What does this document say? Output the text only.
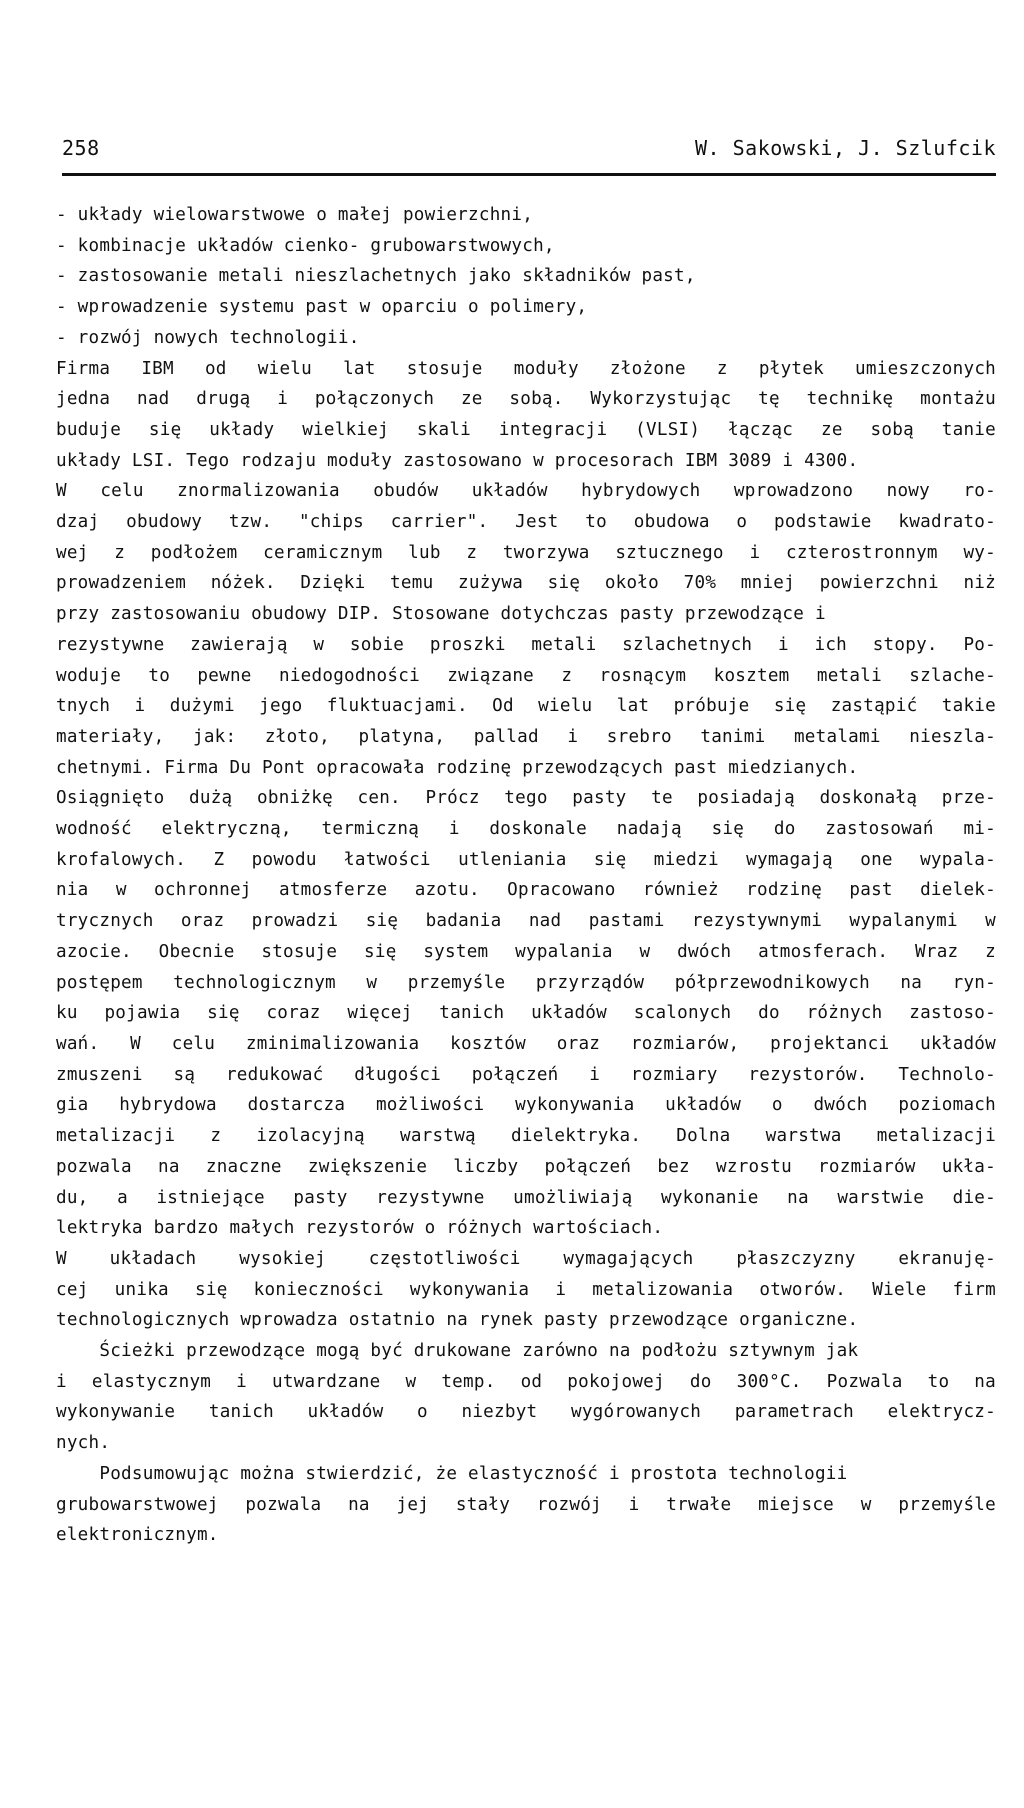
258	W. Sakowski, J. Szlufcik
- układy wielowarstwowe o małej powierzchni,
- kombinacje układów cienko- grubowarstwowych,
- zastosowanie metali nieszlachetnych jako składników past,
- wprowadzenie systemu past w oparciu o polimery,
- rozwój nowych technologii.
Firma IBM od wielu lat stosuje moduły złożone z płytek umieszczonych
jedna nad drugą i połączonych ze sobą. Wykorzystując tę technikę montażu
buduje się układy wielkiej skali integracji (VLSI) łącząc ze sobą tanie
układy LSI. Tego rodzaju moduły zastosowano w procesorach IBM 3089 i 4300.
W celu znormalizowania obudów układów hybrydowych wprowadzono nowy ro-
dzaj obudowy tzw. "chips carrier". Jest to obudowa o podstawie kwadrato-
wej z podłożem ceramicznym lub z tworzywa sztucznego i czterostronnym wy-
prowadzeniem nóżek. Dzięki temu zużywa się około 70% mniej powierzchni niż
przy zastosowaniu obudowy DIP. Stosowane dotychczas pasty przewodzące i
rezystywne zawierają w sobie proszki metali szlachetnych i ich stopy. Po-
woduje to pewne niedogodności związane z rosnącym kosztem metali szlache-
tnych i dużymi jego fluktuacjami. Od wielu lat próbuje się zastąpić takie
materiały, jak: złoto, platyna, pallad i srebro tanimi metalami nieszla-
chetnymi. Firma Du Pont opracowała rodzinę przewodzących past miedzianych.
Osiągnięto dużą obniżkę cen. Prócz tego pasty te posiadają doskonałą prze-
wodność elektryczną, termiczną i doskonale nadają się do zastosowań mi-
krofalowych. Z powodu łatwości utleniania się miedzi wymagają one wypala-
nia w ochronnej atmosferze azotu. Opracowano również rodzinę past dielek-
trycznych oraz prowadzi się badania nad pastami rezystywnymi wypalanymi w
azocie. Obecnie stosuje się system wypalania w dwóch atmosferach. Wraz z
postępem technologicznym w przemyśle przyrządów półprzewodnikowych na ryn-
ku pojawia się coraz więcej tanich układów scalonych do różnych zastoso-
wań. W celu zminimalizowania kosztów oraz rozmiarów, projektanci układów
zmuszeni są redukować długości połączeń i rozmiary rezystorów. Technolo-
gia hybrydowa dostarcza możliwości wykonywania układów o dwóch poziomach
metalizacji z izolacyjną warstwą dielektryka. Dolna warstwa metalizacji
pozwala na znaczne zwiększenie liczby połączeń bez wzrostu rozmiarów ukła-
du, a istniejące pasty rezystywne umożliwiają wykonanie na warstwie die-
lektryka bardzo małych rezystorów o różnych wartościach.
W układach wysokiej częstotliwości wymagających płaszczyzny ekranuję-
cej unika się konieczności wykonywania i metalizowania otworów. Wiele firm
technologicznych wprowadza ostatnio na rynek pasty przewodzące organiczne.
Ścieżki przewodzące mogą być drukowane zarówno na podłożu sztywnym jak
i elastycznym i utwardzane w temp. od pokojowej do 300°C. Pozwala to na
wykonywanie tanich układów o niezbyt wygórowanych parametrach elektrycz-
nych.
Podsumowując można stwierdzić, że elastyczność i prostota technologii
grubowarstwowej pozwala na jej stały rozwój i trwałe miejsce w przemyśle
elektronicznym.
